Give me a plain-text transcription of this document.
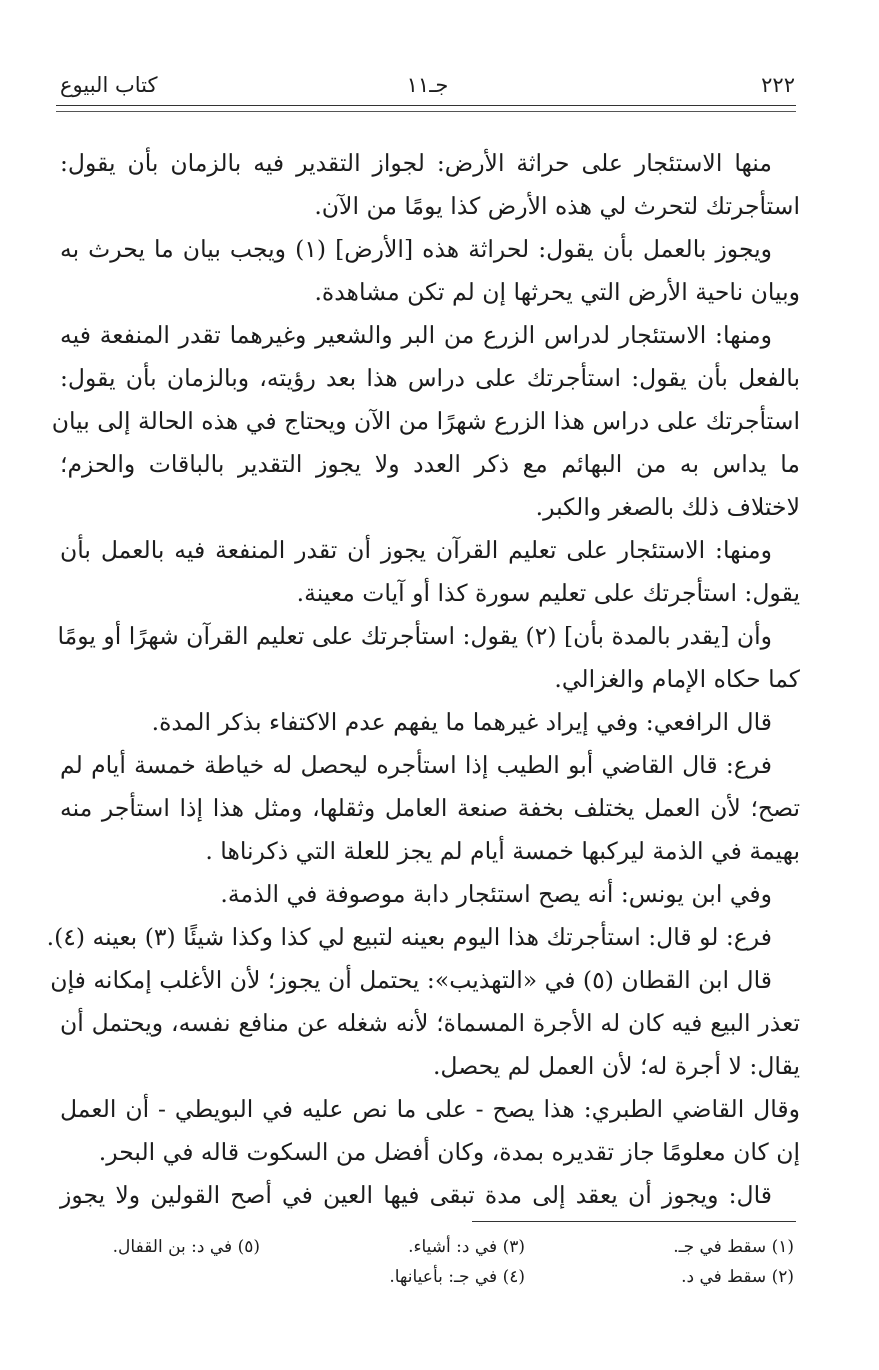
٢٢٢
جـ١١
كتاب البيوع
منها الاستئجار على حراثة الأرض: لجواز التقدير فيه بالزمان بأن يقول:
استأجرتك لتحرث لي هذه الأرض كذا يومًا من الآن.
ويجوز بالعمل بأن يقول: لحراثة هذه [الأرض] (١) ويجب بيان ما يحرث به
وبيان ناحية الأرض التي يحرثها إن لم تكن مشاهدة.
ومنها: الاستئجار لدراس الزرع من البر والشعير وغيرهما تقدر المنفعة فيه
بالفعل بأن يقول: استأجرتك على دراس هذا بعد رؤيته، وبالزمان بأن يقول:
استأجرتك على دراس هذا الزرع شهرًا من الآن ويحتاج في هذه الحالة إلى بيان
ما يداس به من البهائم مع ذكر العدد ولا يجوز التقدير بالباقات والحزم؛
لاختلاف ذلك بالصغر والكبر.
ومنها: الاستئجار على تعليم القرآن يجوز أن تقدر المنفعة فيه بالعمل بأن
يقول: استأجرتك على تعليم سورة كذا أو آيات معينة.
وأن [يقدر بالمدة بأن] (٢) يقول: استأجرتك على تعليم القرآن شهرًا أو يومًا
كما حكاه الإمام والغزالي.
قال الرافعي: وفي إيراد غيرهما ما يفهم عدم الاكتفاء بذكر المدة.
فرع: قال القاضي أبو الطيب إذا استأجره ليحصل له خياطة خمسة أيام لم
تصح؛ لأن العمل يختلف بخفة صنعة العامل وثقلها، ومثل هذا إذا استأجر منه
بهيمة في الذمة ليركبها خمسة أيام لم يجز للعلة التي ذكرناها .
وفي ابن يونس: أنه يصح استئجار دابة موصوفة في الذمة.
فرع: لو قال: استأجرتك هذا اليوم بعينه لتبيع لي كذا وكذا شيئًا (٣) بعينه (٤).
قال ابن القطان (٥) في «التهذيب»: يحتمل أن يجوز؛ لأن الأغلب إمكانه فإن
تعذر البيع فيه كان له الأجرة المسماة؛ لأنه شغله عن منافع نفسه، ويحتمل أن
يقال: لا أجرة له؛ لأن العمل لم يحصل.
وقال القاضي الطبري: هذا يصح - على ما نص عليه في البويطي - أن العمل
إن كان معلومًا جاز تقديره بمدة، وكان أفضل من السكوت قاله في البحر.
قال: ويجوز أن يعقد إلى مدة تبقى فيها العين في أصح القولين ولا يجوز
(١) سقط في جـ.
(٢) سقط في د.
(٣) في د: أشياء.
(٤) في جـ: بأعيانها.
(٥) في د: بن القفال.
